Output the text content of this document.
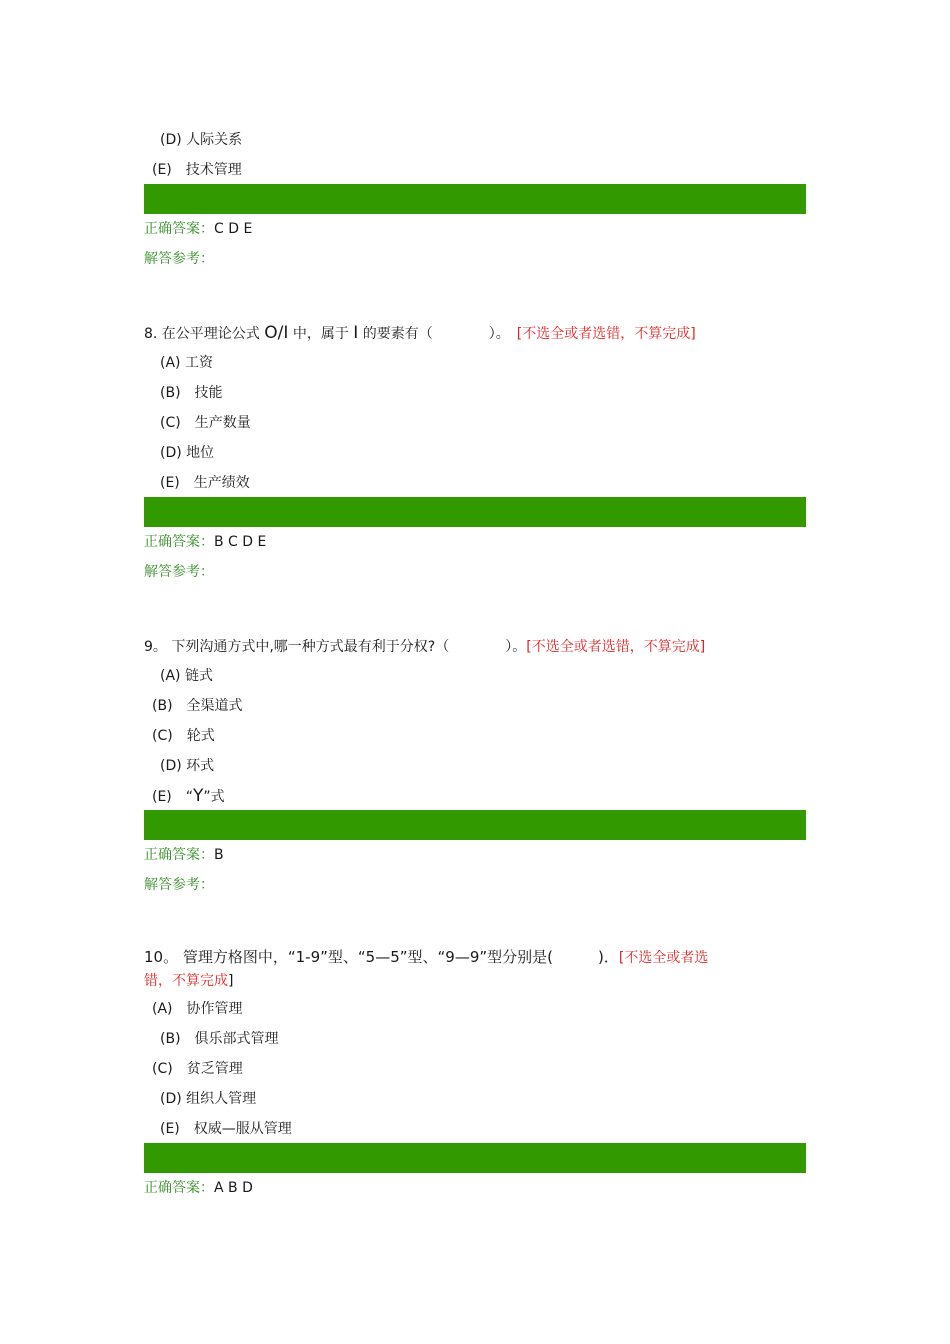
(D) 人际关系
(E)　技术管理
正确答案：C D E
解答参考：
8. 在公平理论公式 O/I 中，属于 I 的要素有（　　　　）。　[不选全或者选错，不算完成]
(A) 工资
(B)　技能
(C)　生产数量
(D) 地位
(E)　生产绩效
正确答案：B C D E
解答参考：
9。 下列沟通方式中,哪一种方式最有利于分权?（　　　　）。[不选全或者选错，不算完成]
(A) 链式
(B)　全渠道式
(C)　轮式
(D) 环式
(E)　“Y”式
正确答案：B
解答参考：
10。 管理方格图中，“1-9”型、“5—5”型、“9—9”型分别是(　　　)．[不选全或者选
错，不算完成]
(A)　协作管理
(B)　俱乐部式管理
(C)　贫乏管理
(D) 组织人管理
(E)　权威—服从管理
正确答案：A B D
